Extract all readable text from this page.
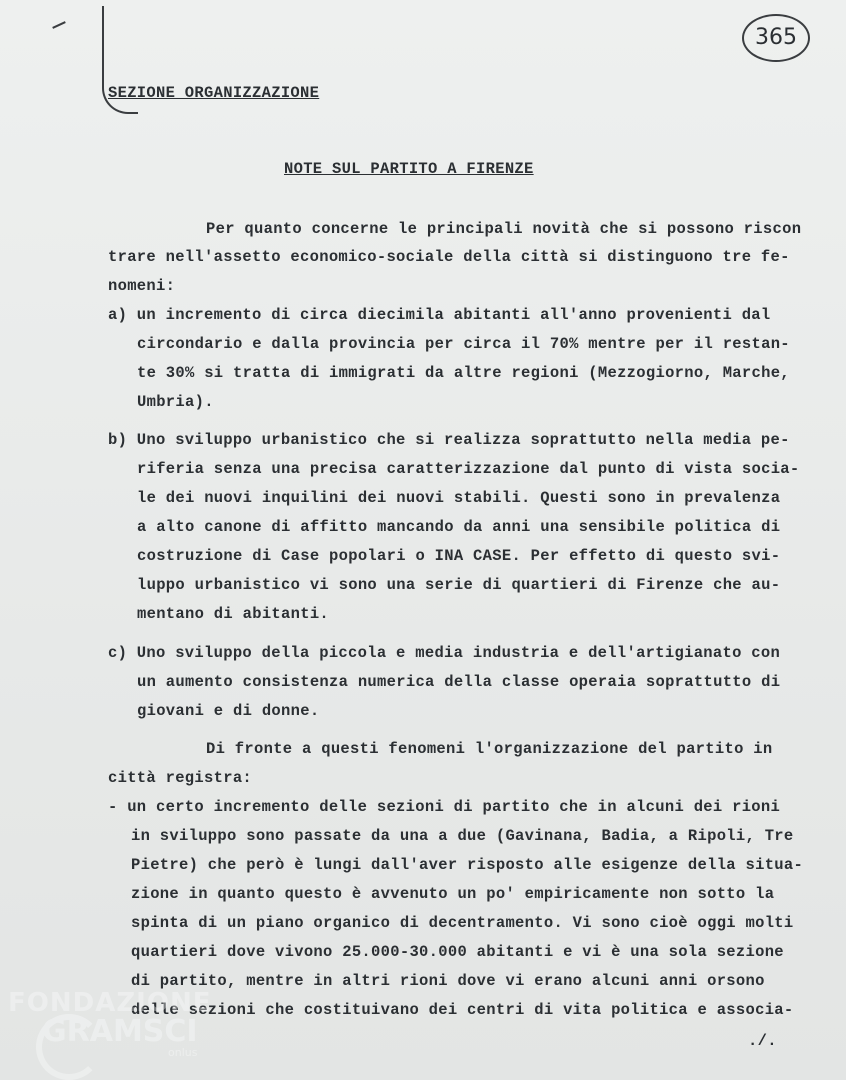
365
SEZIONE ORGANIZZAZIONE
NOTE SUL PARTITO A FIRENZE
Per quanto concerne le principali novità che si possono riscon
trare nell'assetto economico-sociale della città si distinguono tre fe-
nomeni:
a) un incremento di circa diecimila abitanti all'anno provenienti dal
circondario e dalla provincia per circa il 70% mentre per il restan-
te 30% si tratta di immigrati da altre regioni (Mezzogiorno, Marche,
Umbria).
b) Uno sviluppo urbanistico che si realizza soprattutto nella media pe-
riferia senza una precisa caratterizzazione dal punto di vista socia-
le dei nuovi inquilini dei nuovi stabili. Questi sono in prevalenza
a alto canone di affitto mancando da anni una sensibile politica di
costruzione di Case popolari o INA CASE. Per effetto di questo svi-
luppo urbanistico vi sono una serie di quartieri di Firenze che au-
mentano di abitanti.
c) Uno sviluppo della piccola e media industria e dell'artigianato con
un aumento consistenza numerica della classe operaia soprattutto di
giovani e di donne.
Di fronte a questi fenomeni l'organizzazione del partito in
città registra:
- un certo incremento delle sezioni di partito che in alcuni dei rioni
in sviluppo sono passate da una a due (Gavinana, Badia, a Ripoli, Tre
Pietre) che però è lungi dall'aver risposto alle esigenze della situa-
zione in quanto questo è avvenuto un po' empiricamente non sotto la
spinta di un piano organico di decentramento. Vi sono cioè oggi molti
quartieri dove vivono 25.000-30.000 abitanti e vi è una sola sezione
di partito, mentre in altri rioni dove vi erano alcuni anni orsono
delle sezioni che costituivano dei centri di vita politica e associa-
./.
FONDAZIONE
GRAMSCI
onlus
